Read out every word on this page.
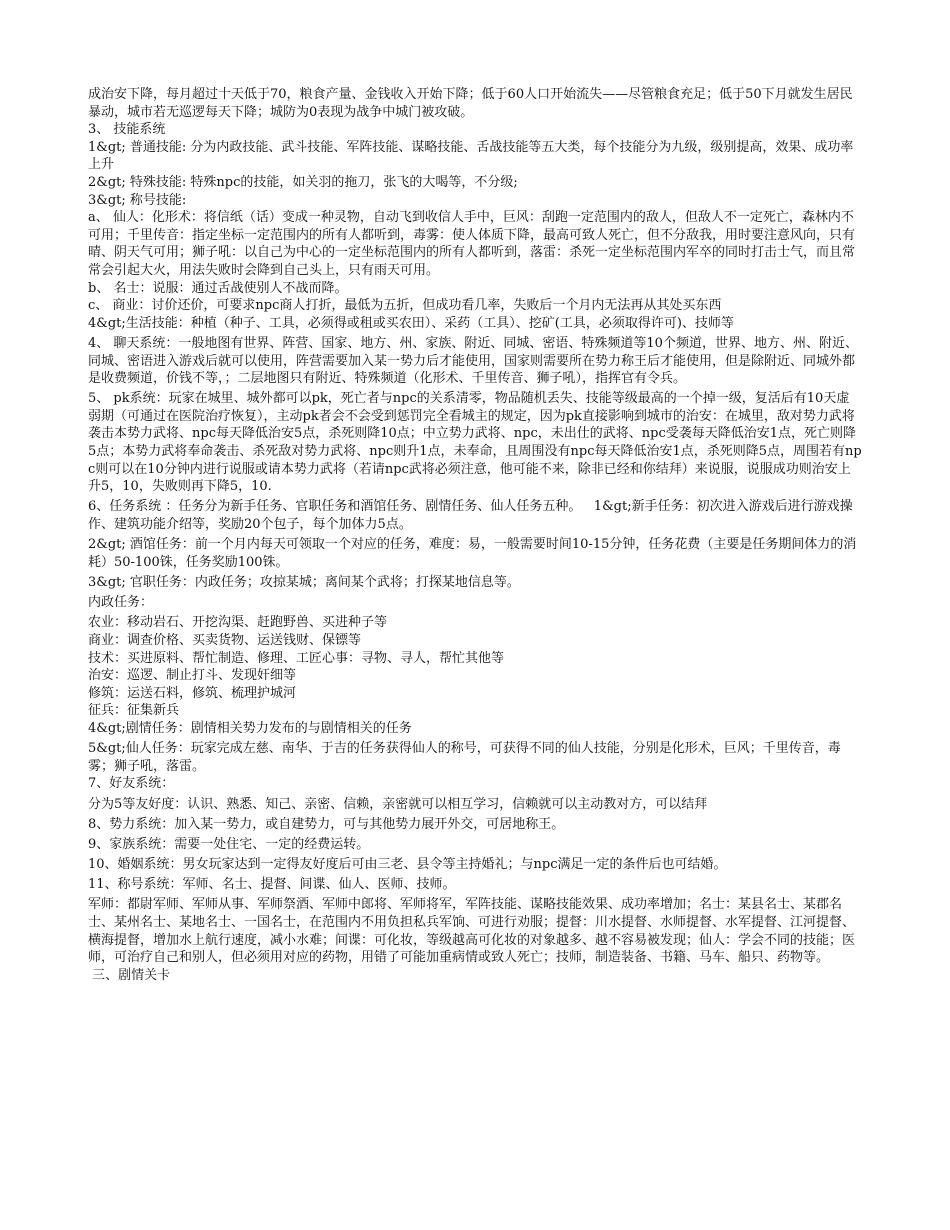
成治安下降，每月超过十天低于70，粮食产量、金钱收入开始下降；低于60人口开始流失——尽管粮食充足；低于50下月就发生居民暴动，城市若无巡逻每天下降；城防为0表现为战争中城门被攻破。

3、 技能系统

1&gt; 普通技能: 分为内政技能、武斗技能、军阵技能、谋略技能、舌战技能等五大类，每个技能分为九级，级别提高，效果、成功率上升

2&gt; 特殊技能: 特殊npc的技能，如关羽的拖刀，张飞的大喝等，不分级;

3&gt; 称号技能:

a、 仙人：化形术：将信纸（话）变成一种灵物，自动飞到收信人手中，巨风：刮跑一定范围内的敌人，但敌人不一定死亡，森林内不可用；千里传音：指定坐标一定范围内的所有人都听到，毒雾：使人体质下降，最高可致人死亡，但不分敌我，用时要注意风向，只有晴、阴天气可用；狮子吼：以自己为中心的一定坐标范围内的所有人都听到，落雷：杀死一定坐标范围内军卒的同时打击士气，而且常常会引起大火，用法失败时会降到自己头上，只有雨天可用。

b、 名士：说服：通过舌战使别人不战而降。

c、 商业：讨价还价，可要求npc商人打折，最低为五折，但成功看几率，失败后一个月内无法再从其处买东西

4&gt;生活技能：种植（种子、工具，必须得或租或买农田）、采药（工具）、挖矿(工具，必须取得许可)、技师等

4、 聊天系统：一般地图有世界、阵营、国家、地方、州、家族、附近、同城、密语、特殊频道等10个频道，世界、地方、州、附近、同城、密语进入游戏后就可以使用，阵营需要加入某一势力后才能使用，国家则需要所在势力称王后才能使用，但是除附近、同城外都是收费频道，价钱不等，；二层地图只有附近、特殊频道（化形术、千里传音、狮子吼），指挥官有令兵。

5、 pk系统：玩家在城里、城外都可以pk，死亡者与npc的关系清零，物品随机丢失、技能等级最高的一个掉一级，复活后有10天虚弱期（可通过在医院治疗恢复），主动pk者会不会受到惩罚完全看城主的规定，因为pk直接影响到城市的治安：在城里，敌对势力武将袭击本势力武将、npc每天降低治安5点，杀死则降10点；中立势力武将、npc，未出仕的武将、npc受袭每天降低治安1点，死亡则降5点；本势力武将奉命袭击、杀死敌对势力武将、npc则升1点，未奉命，且周围没有npc每天降低治安1点，杀死则降5点，周围若有npc则可以在10分钟内进行说服或请本势力武将（若请npc武将必须注意，他可能不来，除非已经和你结拜）来说服，说服成功则治安上升5，10，失败则再下降5，10.

6、任务系统 ：任务分为新手任务、官职任务和酒馆任务、剧情任务、仙人任务五种。   1&gt;新手任务：初次进入游戏后进行游戏操作、建筑功能介绍等，奖励20个包子，每个加体力5点。

2&gt; 酒馆任务：前一个月内每天可领取一个对应的任务，难度：易，一般需要时间10-15分钟，任务花费（主要是任务期间体力的消耗）50-100铢，任务奖励100铢。

3&gt; 官职任务：内政任务；攻掠某城；离间某个武将；打探某地信息等。

内政任务：

农业：移动岩石、开挖沟渠、赶跑野兽、买进种子等

商业：调查价格、买卖货物、运送钱财、保镖等

技术：买进原料、帮忙制造、修理、工匠心事：寻物、寻人，帮忙其他等

治安：巡逻、制止打斗、发现奸细等

修筑：运送石料，修筑、梳理护城河

征兵：征集新兵

4&gt;剧情任务：剧情相关势力发布的与剧情相关的任务

5&gt;仙人任务：玩家完成左慈、南华、于吉的任务获得仙人的称号，可获得不同的仙人技能，分别是化形术，巨风；千里传音，毒雾；狮子吼，落雷。

7、好友系统：

分为5等友好度：认识、熟悉、知己、亲密、信赖，亲密就可以相互学习，信赖就可以主动教对方，可以结拜

8、势力系统：加入某一势力，或自建势力，可与其他势力展开外交，可居地称王。

9、家族系统：需要一处住宅、一定的经费运转。

10、婚姻系统：男女玩家达到一定得友好度后可由三老、县令等主持婚礼；与npc满足一定的条件后也可结婚。

11、称号系统：军师、名士、提督、间谍、仙人、医师、技师。

军师：都尉军师、军师从事、军师祭酒、军师中郎将、军师将军，军阵技能、谋略技能效果、成功率增加；名士：某县名士、某郡名士、某州名士、某地名士、一国名士，在范围内不用负担私兵军饷、可进行劝服；提督：川水提督、水师提督、水军提督、江河提督、横海提督，增加水上航行速度，减小水难；间谍：可化妆，等级越高可化妆的对象越多、越不容易被发现；仙人：学会不同的技能；医师，可治疗自己和别人，但必须用对应的药物，用错了可能加重病情或致人死亡；技师，制造装备、书籍、马车、船只、药物等。

三、剧情关卡
